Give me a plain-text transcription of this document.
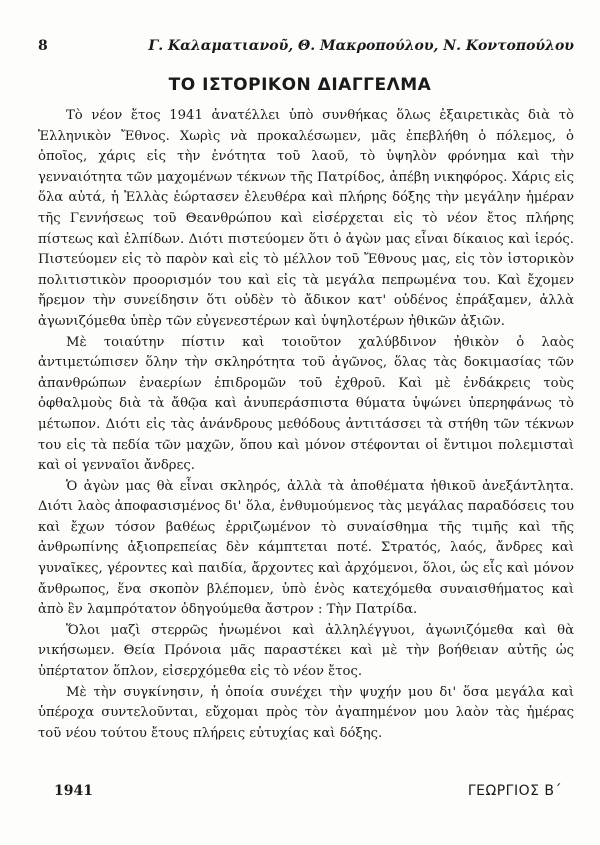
8	Γ. Καλαματιανοῦ, Θ. Μακροπούλου, Ν. Κοντοπούλου
ΤΟ ΙΣΤΟΡΙΚΟΝ ΔΙΑΓΓΕΛΜΑ

Τὸ νέον ἔτος 1941 ἀνατέλλει ὑπὸ συνθήκας ὅλως ἐξαιρετικὰς διὰ τὸ Ἑλληνικὸν Ἔθνος. Χωρὶς νὰ προκαλέσωμεν, μᾶς ἐπεβλήθη ὁ πόλεμος, ὁ ὁποῖος, χάρις εἰς τὴν ἑνότητα τοῦ λαοῦ, τὸ ὑψηλὸν φρόνημα καὶ τὴν γενναιότητα τῶν μαχομένων τέκνων τῆς Πατρίδος, ἀπέβη νικηφόρος. Χάρις εἰς ὅλα αὐτά, ἡ Ἑλλὰς ἑώρτασεν ἐλευθέρα καὶ πλήρης δόξης τὴν μεγάλην ἡμέραν τῆς Γεννήσεως τοῦ Θεανθρώπου καὶ εἰσέρχεται εἰς τὸ νέον ἔτος πλήρης πίστεως καὶ ἐλπίδων. Διότι πιστεύομεν ὅτι ὁ ἀγὼν μας εἶναι δίκαιος καὶ ἱερός. Πιστεύομεν εἰς τὸ παρὸν καὶ εἰς τὸ μέλλον τοῦ Ἔθνους μας, εἰς τὸν ἱστορικὸν πολιτιστικὸν προορισμόν του καὶ εἰς τὰ μεγάλα πεπρωμένα του. Καὶ ἔχομεν ἤρεμον τὴν συνείδησιν ὅτι οὐδὲν τὸ ἄδικον κατ' οὐδένος ἐπράξαμεν, ἀλλὰ ἀγωνιζόμεθα ὑπὲρ τῶν εὐγενεστέρων καὶ ὑψηλοτέρων ἠθικῶν ἀξιῶν.

Μὲ τοιαύτην πίστιν καὶ τοιοῦτον χαλύβδινον ἠθικὸν ὁ λαὸς ἀντιμετώπισεν ὅλην τὴν σκληρότητα τοῦ ἀγῶνος, ὅλας τὰς δοκιμασίας τῶν ἀπανθρώπων ἐναερίων ἐπιδρομῶν τοῦ ἐχθροῦ. Καὶ μὲ ἐνδάκρεις τοὺς ὀφθαλμοὺς διὰ τὰ ἄθῷα καὶ ἀνυπεράσπιστα θύματα ὑψώνει ὑπερηφάνως τὸ μέτωπον. Διότι εἰς τὰς ἀνάνδρους μεθόδους ἀντιτάσσει τὰ στήθη τῶν τέκνων του εἰς τὰ πεδία τῶν μαχῶν, ὅπου καὶ μόνον στέφονται οἱ ἔντιμοι πολεμισταὶ καὶ οἱ γενναῖοι ἄνδρες.

Ὁ ἀγὼν μας θὰ εἶναι σκληρός, ἀλλὰ τὰ ἀποθέματα ἠθικοῦ ἀνεξάντλητα. Διότι λαὸς ἀποφασισμένος δι' ὅλα, ἐνθυμούμενος τὰς μεγάλας παραδόσεις του καὶ ἔχων τόσον βαθέως ἐρριζωμένον τὸ συναίσθημα τῆς τιμῆς καὶ τῆς ἀνθρωπίνης ἀξιοπρεπείας δὲν κάμπτεται ποτέ. Στρατός, λαός, ἄνδρες καὶ γυναῖκες, γέροντες καὶ παιδία, ἄρχοντες καὶ ἀρχόμενοι, ὅλοι, ὡς εἷς καὶ μόνον ἄνθρωπος, ἕνα σκοπὸν βλέπομεν, ὑπὸ ἑνὸς κατεχόμεθα συναισθήματος καὶ ἀπὸ ἓν λαμπρότατον ὁδηγούμεθα ἄστρον : Τὴν Πατρίδα.

Ὅλοι μαζὶ στερρῶς ἡνωμένοι καὶ ἀλληλέγγυοι, ἀγωνιζόμεθα καὶ θὰ νικήσωμεν. Θεία Πρόνοια μᾶς παραστέκει καὶ μὲ τὴν βοήθειαν αὐτῆς ὡς ὑπέρτατον ὅπλον, εἰσερχόμεθα εἰς τὸ νέον ἔτος.

Μὲ τὴν συγκίνησιν, ἡ ὁποία συνέχει τὴν ψυχήν μου δι' ὅσα μεγάλα καὶ ὑπέροχα συντελοῦνται, εὔχομαι πρὸς τὸν ἀγαπημένον μου λαὸν τὰς ἡμέρας τοῦ νέου τούτου ἔτους πλήρεις εὐτυχίας καὶ δόξης.

1941	ΓΕΩΡΓΙΟΣ Β΄
